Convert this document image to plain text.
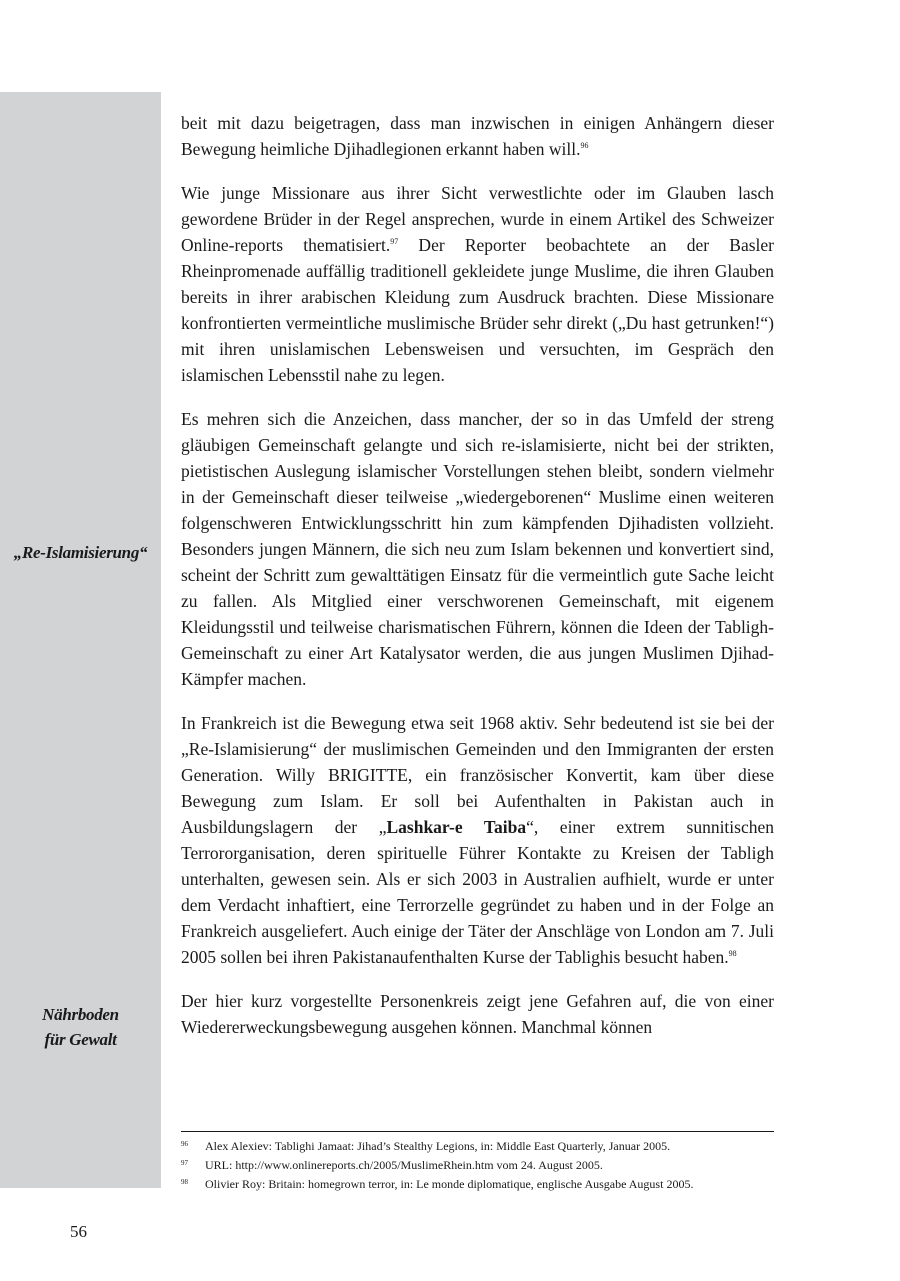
„Re-Islamisierung“
Nährboden
für Gewalt

beit mit dazu beigetragen, dass man inzwischen in einigen Anhängern dieser Bewegung heimliche Djihadlegionen erkannt haben will.$^{96}$

Wie junge Missionare aus ihrer Sicht verwestlichte oder im Glauben lasch gewordene Brüder in der Regel ansprechen, wurde in einem Artikel des Schweizer Online-reports thematisiert.$^{97}$ Der Reporter beobachtete an der Basler Rheinpromenade auffällig traditionell gekleidete junge Muslime, die ihren Glauben bereits in ihrer arabischen Kleidung zum Ausdruck brachten. Diese Missionare konfrontierten vermeintliche muslimische Brüder sehr direkt („Du hast getrunken!“) mit ihren unislamischen Lebensweisen und versuchten, im Gespräch den islamischen Lebensstil nahe zu legen.

Es mehren sich die Anzeichen, dass mancher, der so in das Umfeld der streng gläubigen Gemeinschaft gelangte und sich re-islamisierte, nicht bei der strikten, pietistischen Auslegung islamischer Vorstellungen stehen bleibt, sondern vielmehr in der Gemeinschaft dieser teilweise „wiedergeborenen“ Muslime einen weiteren folgenschweren Entwicklungsschritt hin zum kämpfenden Djihadisten vollzieht. Besonders jungen Männern, die sich neu zum Islam bekennen und konvertiert sind, scheint der Schritt zum gewalttätigen Einsatz für die vermeintlich gute Sache leicht zu fallen. Als Mitglied einer verschworenen Gemeinschaft, mit eigenem Kleidungsstil und teilweise charismatischen Führern, können die Ideen der Tabligh-Gemeinschaft zu einer Art Katalysator werden, die aus jungen Muslimen Djihad-Kämpfer machen.

In Frankreich ist die Bewegung etwa seit 1968 aktiv. Sehr bedeutend ist sie bei der „Re-Islamisierung“ der muslimischen Gemeinden und den Immigranten der ersten Generation. Willy BRIGITTE, ein französischer Konvertit, kam über diese Bewegung zum Islam. Er soll bei Aufenthalten in Pakistan auch in Ausbildungslagern der „Lashkar-e Taiba“, einer extrem sunnitischen Terrororganisation, deren spirituelle Führer Kontakte zu Kreisen der Tabligh unterhalten, gewesen sein. Als er sich 2003 in Australien aufhielt, wurde er unter dem Verdacht inhaftiert, eine Terrorzelle gegründet zu haben und in der Folge an Frankreich ausgeliefert. Auch einige der Täter der Anschläge von London am 7. Juli 2005 sollen bei ihren Pakistanaufenthalten Kurse der Tablighis besucht haben.$^{98}$

Der hier kurz vorgestellte Personenkreis zeigt jene Gefahren auf, die von einer Wiedererweckungsbewegung ausgehen können. Manchmal können

96	Alex Alexiev: Tablighi Jamaat: Jihad’s Stealthy Legions, in: Middle East Quarterly, Januar 2005.
97	URL: http://www.onlinereports.ch/2005/MuslimeRhein.htm vom 24. August 2005.
98	Olivier Roy: Britain: homegrown terror, in: Le monde diplomatique, englische Ausgabe August 2005.
56
